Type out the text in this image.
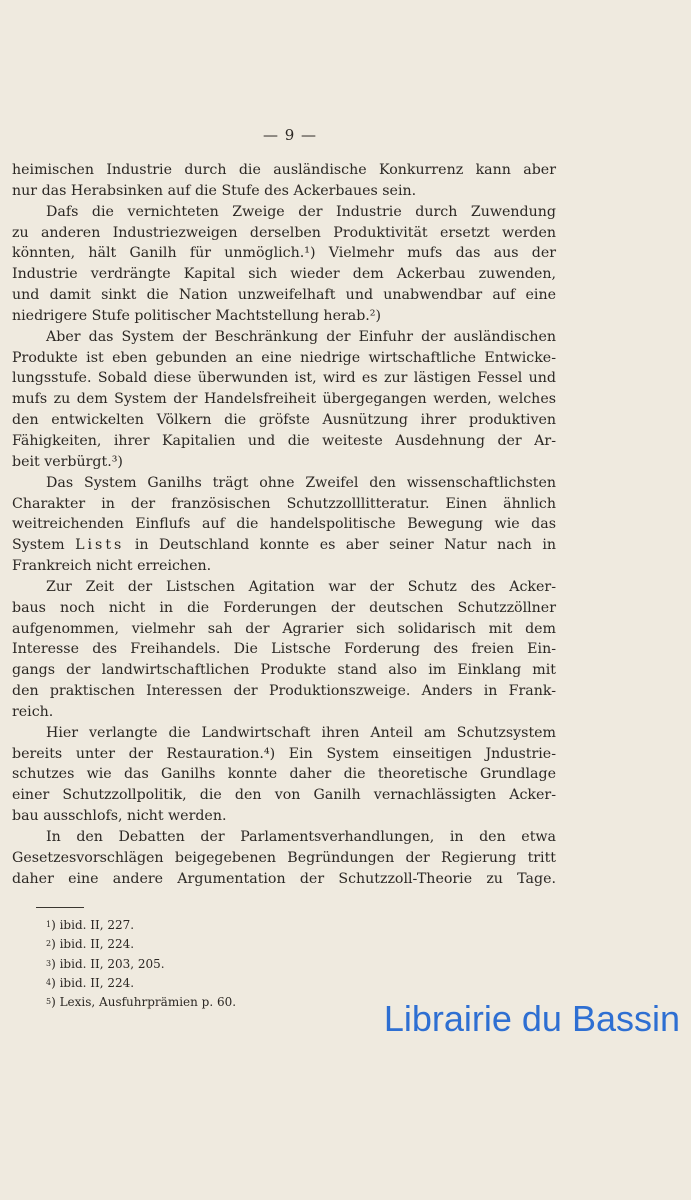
— 9 —
heimischen Industrie durch die ausländische Konkurrenz kann aber
nur das Herabsinken auf die Stufe des Ackerbaues sein.
Dafs die vernichteten Zweige der Industrie durch Zuwendung
zu anderen Industriezweigen derselben Produktivität ersetzt werden
könnten, hält Ganilh für unmöglich.¹) Vielmehr mufs das aus der
Industrie verdrängte Kapital sich wieder dem Ackerbau zuwenden,
und damit sinkt die Nation unzweifelhaft und unabwendbar auf eine
niedrigere Stufe politischer Machtstellung herab.²)
Aber das System der Beschränkung der Einfuhr der ausländischen
Produkte ist eben gebunden an eine niedrige wirtschaftliche Entwicke-
lungsstufe. Sobald diese überwunden ist, wird es zur lästigen Fessel und
mufs zu dem System der Handelsfreiheit übergegangen werden, welches
den entwickelten Völkern die gröfste Ausnützung ihrer produktiven
Fähigkeiten, ihrer Kapitalien und die weiteste Ausdehnung der Ar-
beit verbürgt.³)
Das System Ganilhs trägt ohne Zweifel den wissenschaftlichsten
Charakter in der französischen Schutzzolllitteratur. Einen ähnlich
weitreichenden Einflufs auf die handelspolitische Bewegung wie das
System Lists in Deutschland konnte es aber seiner Natur nach in
Frankreich nicht erreichen.
Zur Zeit der Listschen Agitation war der Schutz des Acker-
baus noch nicht in die Forderungen der deutschen Schutzzöllner
aufgenommen, vielmehr sah der Agrarier sich solidarisch mit dem
Interesse des Freihandels. Die Listsche Forderung des freien Ein-
gangs der landwirtschaftlichen Produkte stand also im Einklang mit
den praktischen Interessen der Produktionszweige. Anders in Frank-
reich.
Hier verlangte die Landwirtschaft ihren Anteil am Schutzsystem
bereits unter der Restauration.⁴) Ein System einseitigen Jndustrie-
schutzes wie das Ganilhs konnte daher die theoretische Grundlage
einer Schutzzollpolitik, die den von Ganilh vernachlässigten Acker-
bau ausschlofs, nicht werden.
In den Debatten der Parlamentsverhandlungen, in den etwa
Gesetzesvorschlägen beigegebenen Begründungen der Regierung tritt
daher eine andere Argumentation der Schutzzoll-Theorie zu Tage.
$^1$) ibid. II, 227.
$^2$) ibid. II, 224.
$^3$) ibid. II, 203, 205.
$^4$) ibid. II, 224.
$^5$) Lexis, Ausfuhrprämien p. 60.	Librairie du Bassin
